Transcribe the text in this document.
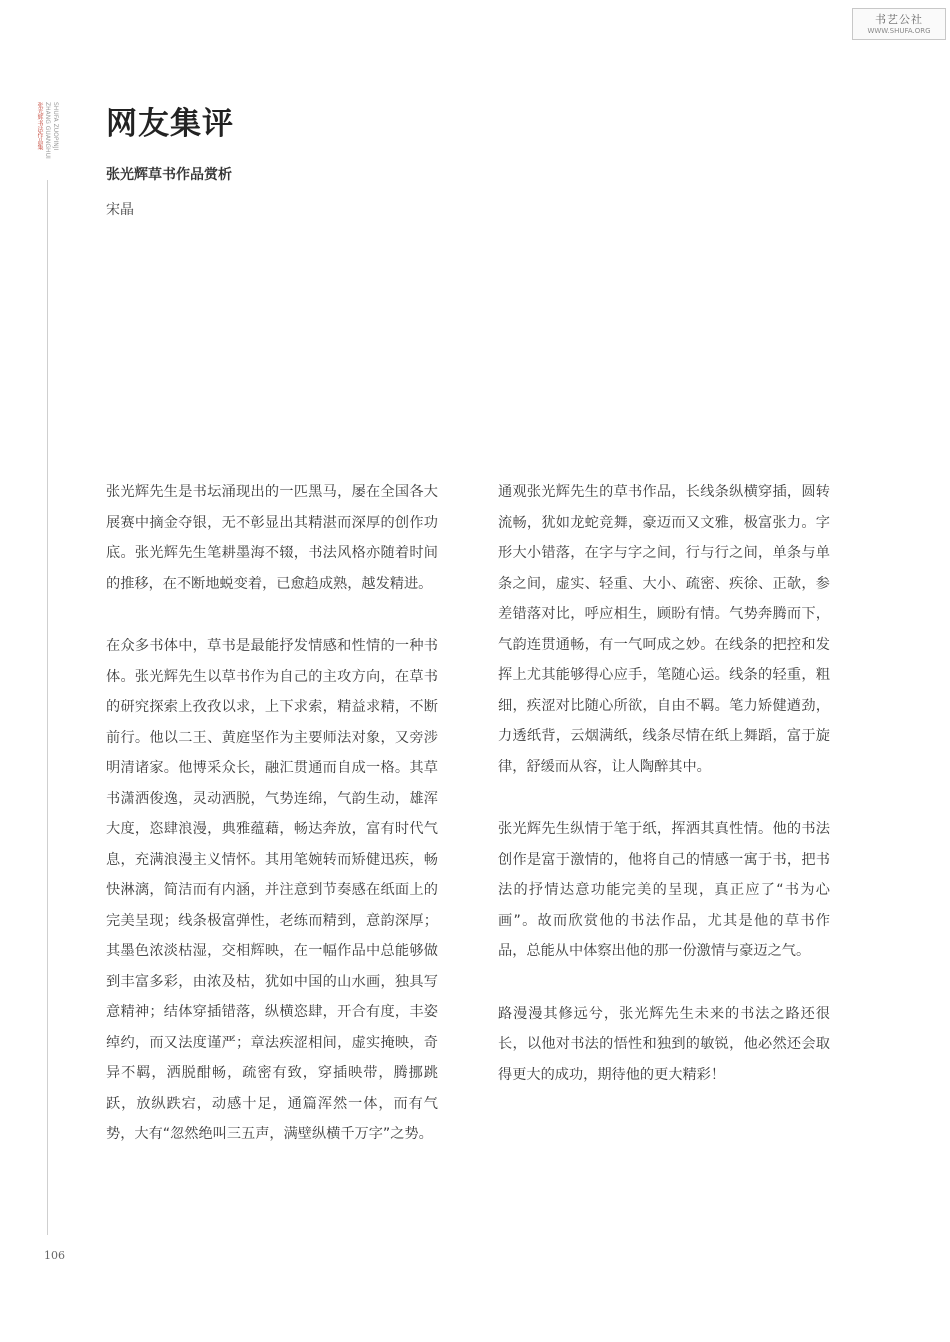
书艺公社
WWW.SHUFA.ORG
张光辉书法作品集 ZHANG GUANGHUI SHUFA ZUOPINJI 网友集评
张光辉草书作品赏析

宋晶

张光辉先生是书坛涌现出的一匹黑马，屡在全国各大展赛中摘金夺银，无不彰显出其精湛而深厚的创作功底。张光辉先生笔耕墨海不辍，书法风格亦随着时间的推移，在不断地蜕变着，已愈趋成熟，越发精进。

在众多书体中，草书是最能抒发情感和性情的一种书体。张光辉先生以草书作为自己的主攻方向，在草书的研究探索上孜孜以求，上下求索，精益求精，不断前行。他以二王、黄庭坚作为主要师法对象，又旁涉明清诸家。他博采众长，融汇贯通而自成一格。其草书潇洒俊逸，灵动洒脱，气势连绵，气韵生动，雄浑大度，恣肆浪漫，典雅蕴藉，畅达奔放，富有时代气息，充满浪漫主义情怀。其用笔婉转而矫健迅疾，畅快淋漓，简洁而有内涵，并注意到节奏感在纸面上的完美呈现；线条极富弹性，老练而精到，意韵深厚；其墨色浓淡枯湿，交相辉映，在一幅作品中总能够做到丰富多彩，由浓及枯，犹如中国的山水画，独具写意精神；结体穿插错落，纵横恣肆，开合有度，丰姿绰约，而又法度谨严；章法疾涩相间，虚实掩映，奇异不羁，洒脱酣畅，疏密有致，穿插映带，腾挪跳跃，放纵跌宕，动感十足，通篇浑然一体，而有气势，大有“忽然绝叫三五声，满壁纵横千万字”之势。

通观张光辉先生的草书作品，长线条纵横穿插，圆转流畅，犹如龙蛇竞舞，豪迈而又文雅，极富张力。字形大小错落，在字与字之间，行与行之间，单条与单条之间，虚实、轻重、大小、疏密、疾徐、正欹，参差错落对比，呼应相生，顾盼有情。气势奔腾而下，气韵连贯通畅，有一气呵成之妙。在线条的把控和发挥上尤其能够得心应手，笔随心运。线条的轻重，粗细，疾涩对比随心所欲，自由不羁。笔力矫健遒劲，力透纸背，云烟满纸，线条尽情在纸上舞蹈，富于旋律，舒缓而从容，让人陶醉其中。

张光辉先生纵情于笔于纸，挥洒其真性情。他的书法创作是富于激情的，他将自己的情感一寓于书，把书法的抒情达意功能完美的呈现，真正应了“书为心画”。故而欣赏他的书法作品，尤其是他的草书作品，总能从中体察出他的那一份激情与豪迈之气。

路漫漫其修远兮，张光辉先生未来的书法之路还很长，以他对书法的悟性和独到的敏锐，他必然还会取得更大的成功，期待他的更大精彩！

106
